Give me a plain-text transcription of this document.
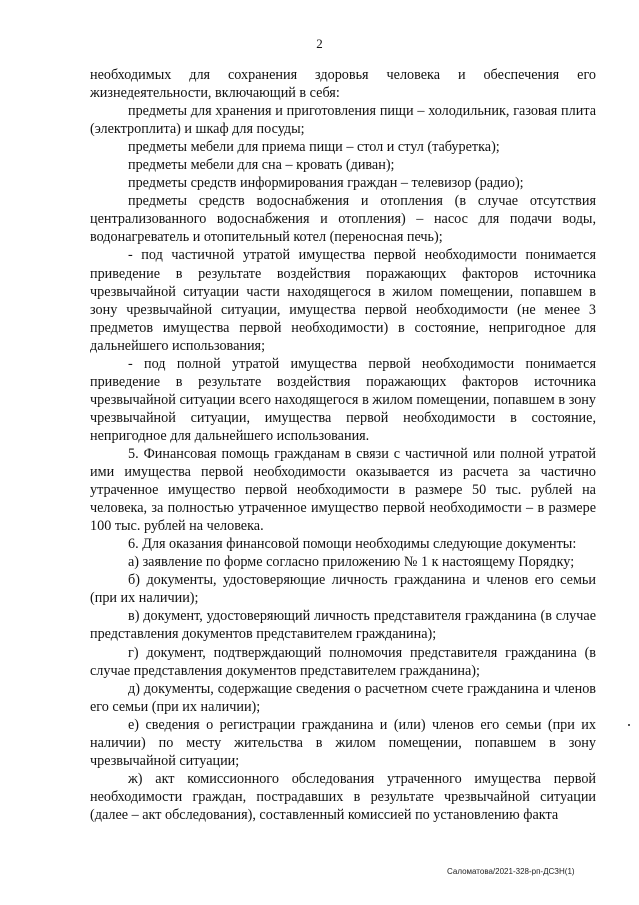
2

необходимых для сохранения здоровья человека и обеспечения его жизнедеятельности, включающий в себя:

предметы для хранения и приготовления пищи – холодильник, газовая плита (электроплита) и шкаф для посуды;

предметы мебели для приема пищи – стол и стул (табуретка);

предметы мебели для сна – кровать (диван);

предметы средств информирования граждан – телевизор (радио);

предметы средств водоснабжения и отопления (в случае отсутствия централизованного водоснабжения и отопления) – насос для подачи воды, водонагреватель и отопительный котел (переносная печь);

- под частичной утратой имущества первой необходимости понимается приведение в результате воздействия поражающих факторов источника чрезвычайной ситуации части находящегося в жилом помещении, попавшем в зону чрезвычайной ситуации, имущества первой необходимости (не менее 3 предметов имущества первой необходимости) в состояние, непригодное для дальнейшего использования;

- под полной утратой имущества первой необходимости понимается приведение в результате воздействия поражающих факторов источника чрезвычайной ситуации всего находящегося в жилом помещении, попавшем в зону чрезвычайной ситуации, имущества первой необходимости в состояние, непригодное для дальнейшего использования.

5. Финансовая помощь гражданам в связи с частичной или полной утратой ими имущества первой необходимости оказывается из расчета за частично утраченное имущество первой необходимости в размере 50 тыс. рублей на человека, за полностью утраченное имущество первой необходимости – в размере 100 тыс. рублей на человека.

6. Для оказания финансовой помощи необходимы следующие документы:

а) заявление по форме согласно приложению № 1 к настоящему Порядку;

б) документы, удостоверяющие личность гражданина и членов его семьи (при их наличии);

в) документ, удостоверяющий личность представителя гражданина (в случае представления документов представителем гражданина);

г) документ, подтверждающий полномочия представителя гражданина (в случае представления документов представителем гражданина);

д) документы, содержащие сведения о расчетном счете гражданина и членов его семьи (при их наличии);

е) сведения о регистрации гражданина и (или) членов его семьи (при их наличии) по месту жительства в жилом помещении, попавшем в зону чрезвычайной ситуации;

ж) акт комиссионного обследования утраченного имущества первой необходимости граждан, пострадавших в результате чрезвычайной ситуации (далее – акт обследования), составленный комиссией по установлению факта

Саломатова/2021-328-рп-ДСЗН(1)
